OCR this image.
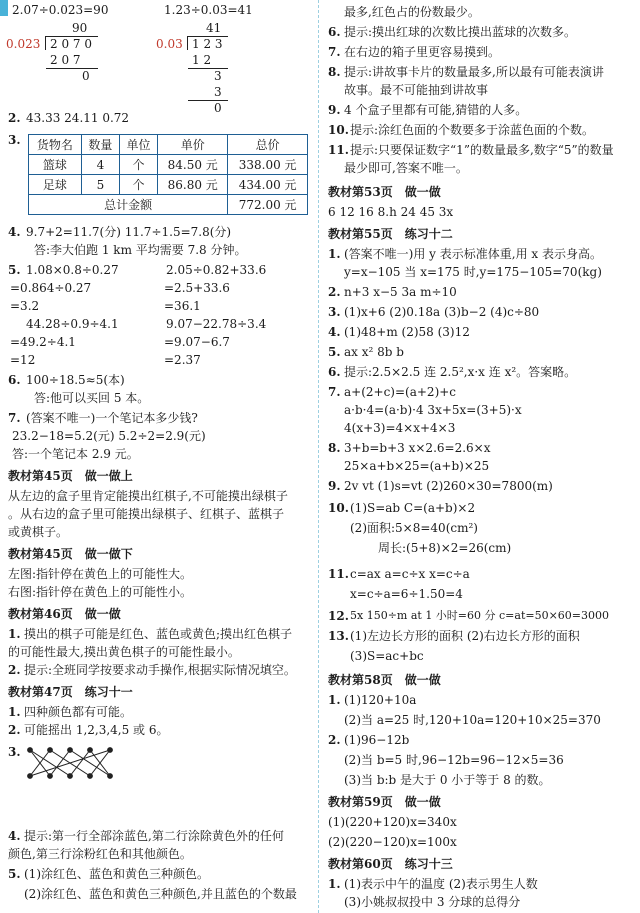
2.07÷0.023=90	1.23÷0.03=41
90
0.023 2 0 7 0
2 0 7
0
41
0.03 1 2 3
1 2
3
3
0
2. 43.33 24.11 0.72
3. 货物名	数量	单位	单价	总价
篮球	4	个	84.50 元	338.00 元
足球	5	个	86.80 元	434.00 元
总计金额				772.00 元
4. 9.7+2=11.7(分) 11.7÷1.5=7.8(分)
答:李大伯跑 1 km 平均需要 7.8 分钟。
5. 1.08×0.8÷0.27	2.05÷0.82+33.6
=0.864÷0.27	=2.5+33.6
=3.2	=36.1
44.28÷0.9÷4.1	9.07−22.78÷3.4
=49.2÷4.1	=9.07−6.7
=12	=2.37
6. 100÷18.5≈5(本)
答:他可以买回 5 本。
7. (答案不唯一)一个笔记本多少钱?
23.2−18=5.2(元) 5.2÷2=2.9(元)
答:一个笔记本 2.9 元。
教材第45页　做一做上
从左边的盒子里肯定能摸出红棋子,不可能摸出绿棋子
。从右边的盒子里可能摸出绿棋子、红棋子、蓝棋子
或黄棋子。
教材第45页　做一做下
左图:指针停在黄色上的可能性大。
右图:指针停在黄色上的可能性小。
教材第46页　做一做
1. 摸出的棋子可能是红色、蓝色或黄色;摸出红色棋子
的可能性最大,摸出黄色棋子的可能性最小。
2. 提示:全班同学按要求动手操作,根据实际情况填空。
教材第47页　练习十一
1. 四种颜色都有可能。
2. 可能摇出 1,2,3,4,5 或 6。
3.
4. 提示:第一行全部涂蓝色,第二行涂除黄色外的任何
颜色,第三行涂粉红色和其他颜色。
5. (1)涂红色、蓝色和黄色三种颜色。
(2)涂红色、蓝色和黄色三种颜色,并且蓝色的个数最
最多,红色占的份数最少。
6. 提示:摸出红球的次数比摸出蓝球的次数多。
7. 在右边的箱子里更容易摸到。
8. 提示:讲故事卡片的数量最多,所以最有可能表演讲
故事。最不可能抽到讲故事
9. 4 个盒子里都有可能,猜错的人多。
10. 提示:涂红色面的个数要多于涂蓝色面的个数。
11. 提示:只要保证数字“1”的数量最多,数字“5”的数量
最少即可,答案不唯一。
教材第53页　做一做
6 12 16 8.h 24 45 3x
教材第55页　练习十二
1. (答案不唯一)用 y 表示标准体重,用 x 表示身高。
y=x−105 当 x=175 时,y=175−105=70(kg)
2. n+3 x−5 3a m÷10
3. (1)x+6 (2)0.18a (3)b−2 (4)c÷80
4. (1)48+m (2)58 (3)12
5. ax x² 8b b
6. 提示:2.5×2.5 连 2.5²,x·x 连 x²。答案略。
7. a+(2+c)=(a+2)+c
a·b·4=(a·b)·4 3x+5x=(3+5)·x
4(x+3)=4×x+4×3
8. 3+b=b+3 x×2.6=2.6×x
25×a+b×25=(a+b)×25
9. 2v vt (1)s=vt (2)260×30=7800(m)
10. (1)S=ab C=(a+b)×2
(2)面积:5×8=40(cm²)
周长:(5+8)×2=26(cm)
11. c=ax a=c÷x x=c÷a
x=c÷a=6÷1.50=4
12. 5x 150÷m at 1 小时=60 分 c=at=50×60=3000
13. (1)左边长方形的面积 (2)右边长方形的面积
(3)S=ac+bc
教材第58页　做一做
1. (1)120+10a
(2)当 a=25 时,120+10a=120+10×25=370
2. (1)96−12b
(2)当 b=5 时,96−12b=96−12×5=36
(3)当 b:b 是大于 0 小于等于 8 的数。
教材第59页　做一做
(1)(220+120)x=340x
(2)(220−120)x=100x
教材第60页　练习十三
1. (1)表示中午的温度 (2)表示男生人数
(3)小姚叔叔投中 3 分球的总得分
